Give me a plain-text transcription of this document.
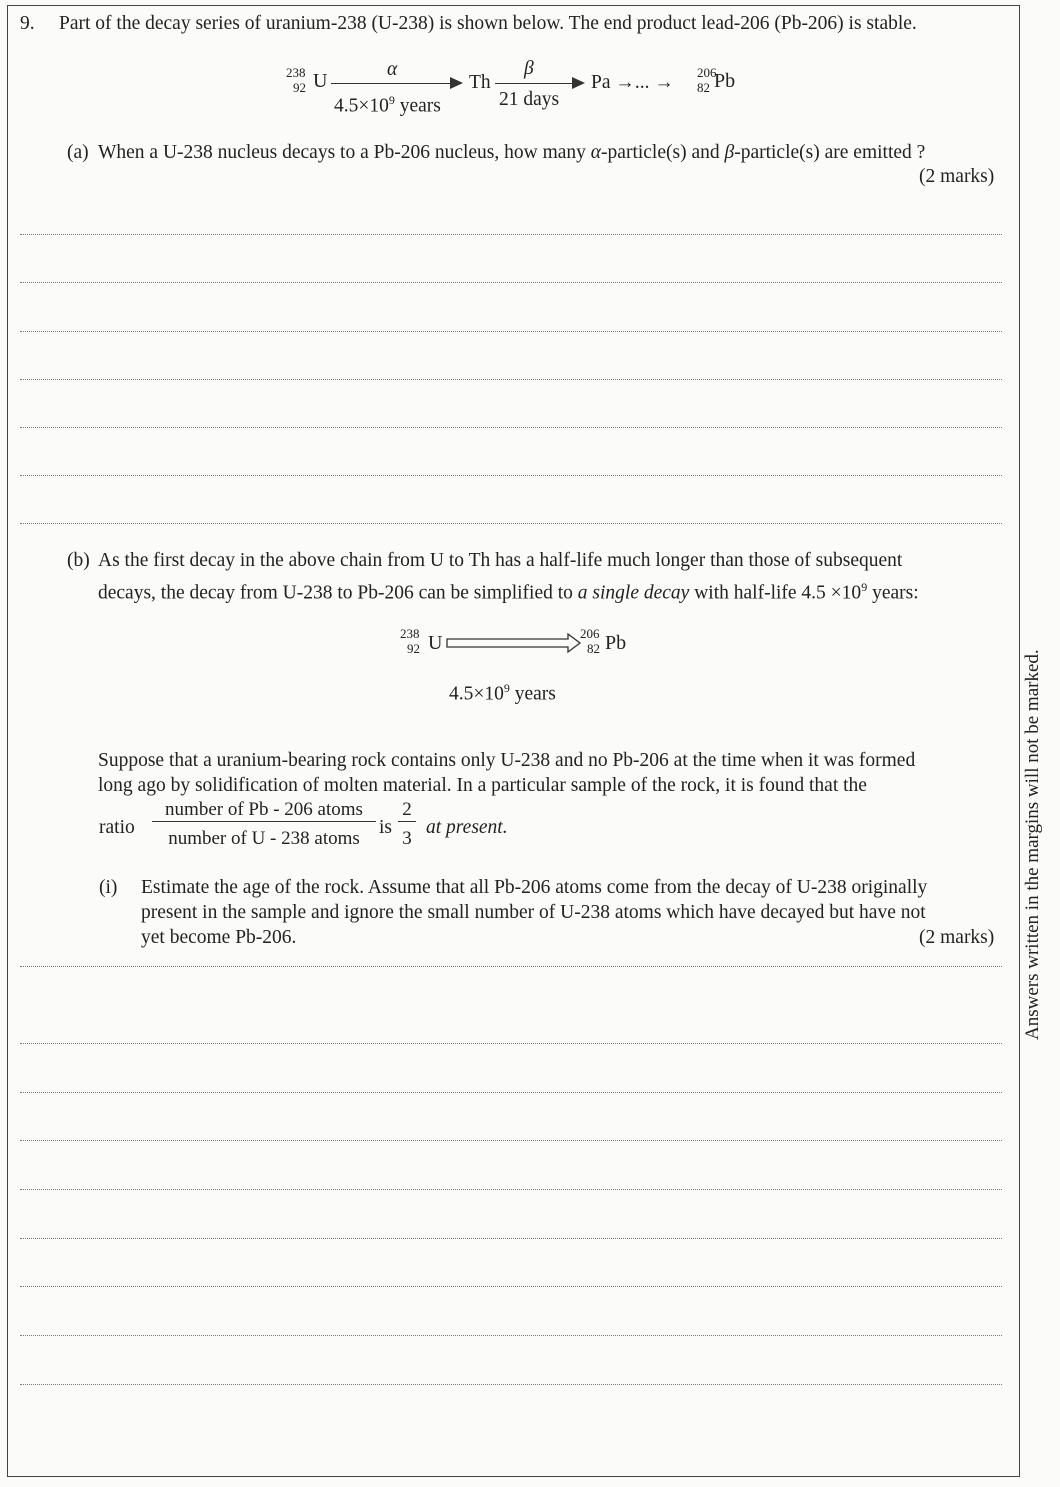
9. Part of the decay series of uranium-238 (U-238) is shown below. The end product lead-206 (Pb-206) is stable.
238
92 U
α
$4.5\times 10^9$ years
Th
β
21 days
Pa →... → 206
82 Pb
(a) When a U-238 nucleus decays to a Pb-206 nucleus, how many α-particle(s) and β-particle(s) are emitted ?
(2 marks)
(b) As the first decay in the above chain from U to Th has a half-life much longer than those of subsequent
decays, the decay from U-238 to Pb-206 can be simplified to a single decay with half-life $4.5 \times 10^9$ years:
238
92 U
$4.5\times 10^9$ years
206
82 Pb
Suppose that a uranium-bearing rock contains only U-238 and no Pb-206 at the time when it was formed
long ago by solidification of molten material. In a particular sample of the rock, it is found that the
ratio
number of Pb - 206 atoms
number of U - 238 atoms
is
2
3
at present.
(i) Estimate the age of the rock. Assume that all Pb-206 atoms come from the decay of U-238 originally
present in the sample and ignore the small number of U-238 atoms which have decayed but have not
yet become Pb-206.	(2 marks) Answers written in the margins will not be marked.
